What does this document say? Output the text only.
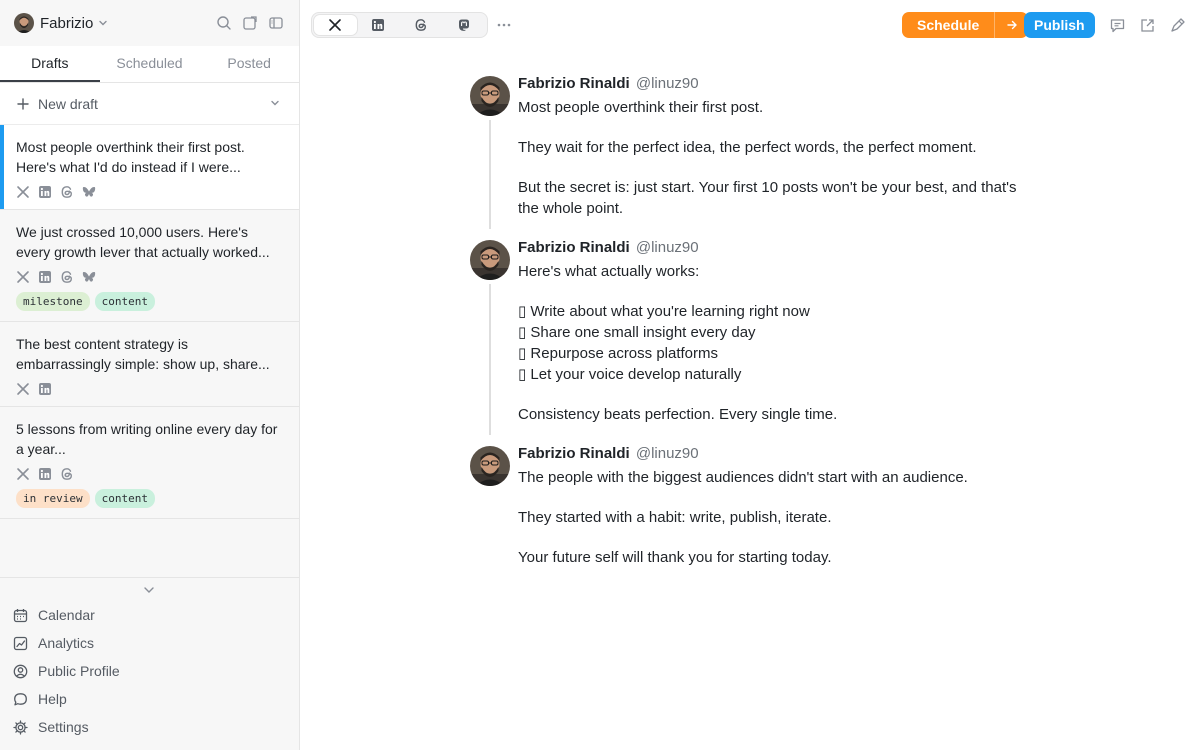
Fabrizio
Drafts	Scheduled	Posted
New draft
Most people overthink their first post. Here's what I'd do instead if I were...
We just crossed 10,000 users. Here's every growth lever that actually worked...
milestone	content
The best content strategy is embarrassingly simple: show up, share...
5 lessons from writing online every day for a year...
in review	content
Calendar
Analytics
Public Profile
Help
Settings
Schedule	Publish
Fabrizio Rinaldi @linuz90

Most people overthink their first post.

They wait for the perfect idea, the perfect words, the perfect moment.

But the secret is: just start. Your first 10 posts won't be your best, and that's the whole point.

Fabrizio Rinaldi @linuz90

Here's what actually works:

▯ Write about what you're learning right now
▯ Share one small insight every day
▯ Repurpose across platforms
▯ Let your voice develop naturally

Consistency beats perfection. Every single time.

Fabrizio Rinaldi @linuz90

The people with the biggest audiences didn't start with an audience.

They started with a habit: write, publish, iterate.

Your future self will thank you for starting today.
